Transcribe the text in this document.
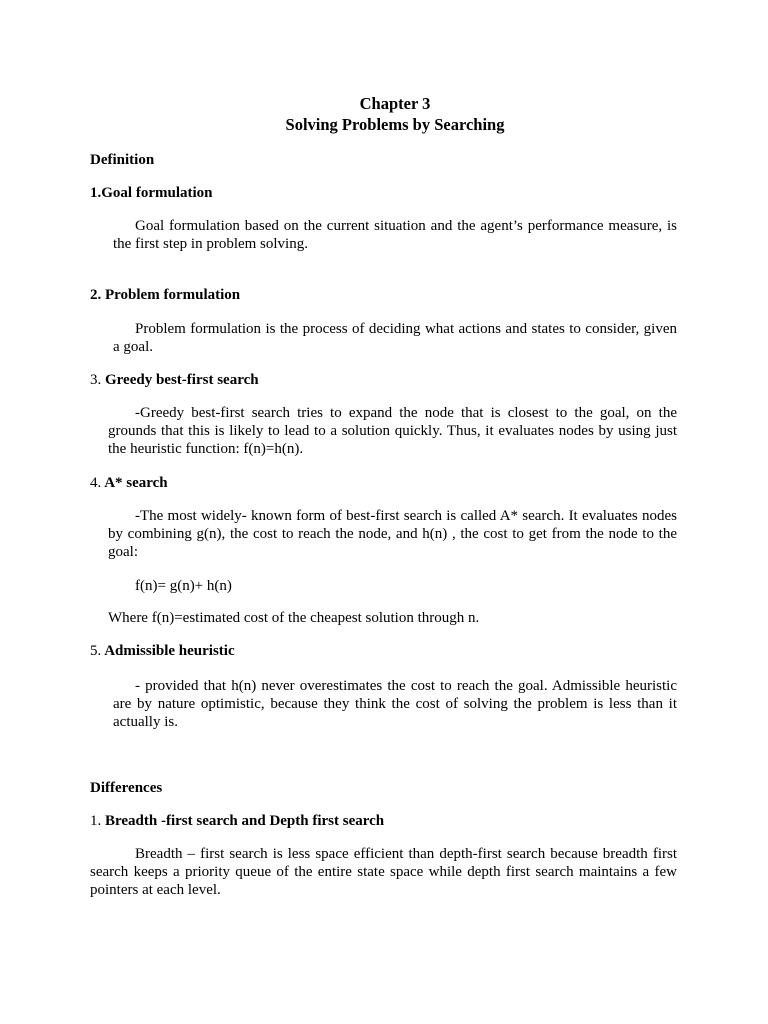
Chapter 3
Solving Problems by Searching
Definition
1.Goal formulation
Goal formulation based on the current situation and the agent’s performance measure, is the first step in problem solving.
2. Problem formulation
Problem formulation is the process of deciding what actions and states to consider, given a goal.
3. Greedy best-first search
-Greedy best-first search tries to expand the node that is closest to the goal, on the grounds that this is likely to lead to a solution quickly. Thus, it evaluates nodes by using just the heuristic function: f(n)=h(n).
4. A* search
-The most widely- known form of best-first search is called A* search. It evaluates nodes by combining g(n), the cost to reach the node, and h(n) , the cost to get from the node to the goal:
f(n)= g(n)+ h(n)
Where f(n)=estimated cost of the cheapest solution through n.
5. Admissible heuristic
- provided that h(n) never overestimates the cost to reach the goal. Admissible heuristic are by nature optimistic, because they think the cost of solving the problem is less than it actually is.
Differences
1. Breadth -first search and Depth first search
Breadth – first search is less space efficient than depth-first search because breadth first search keeps a priority queue of the entire state space while depth first search maintains a few pointers at each level.
